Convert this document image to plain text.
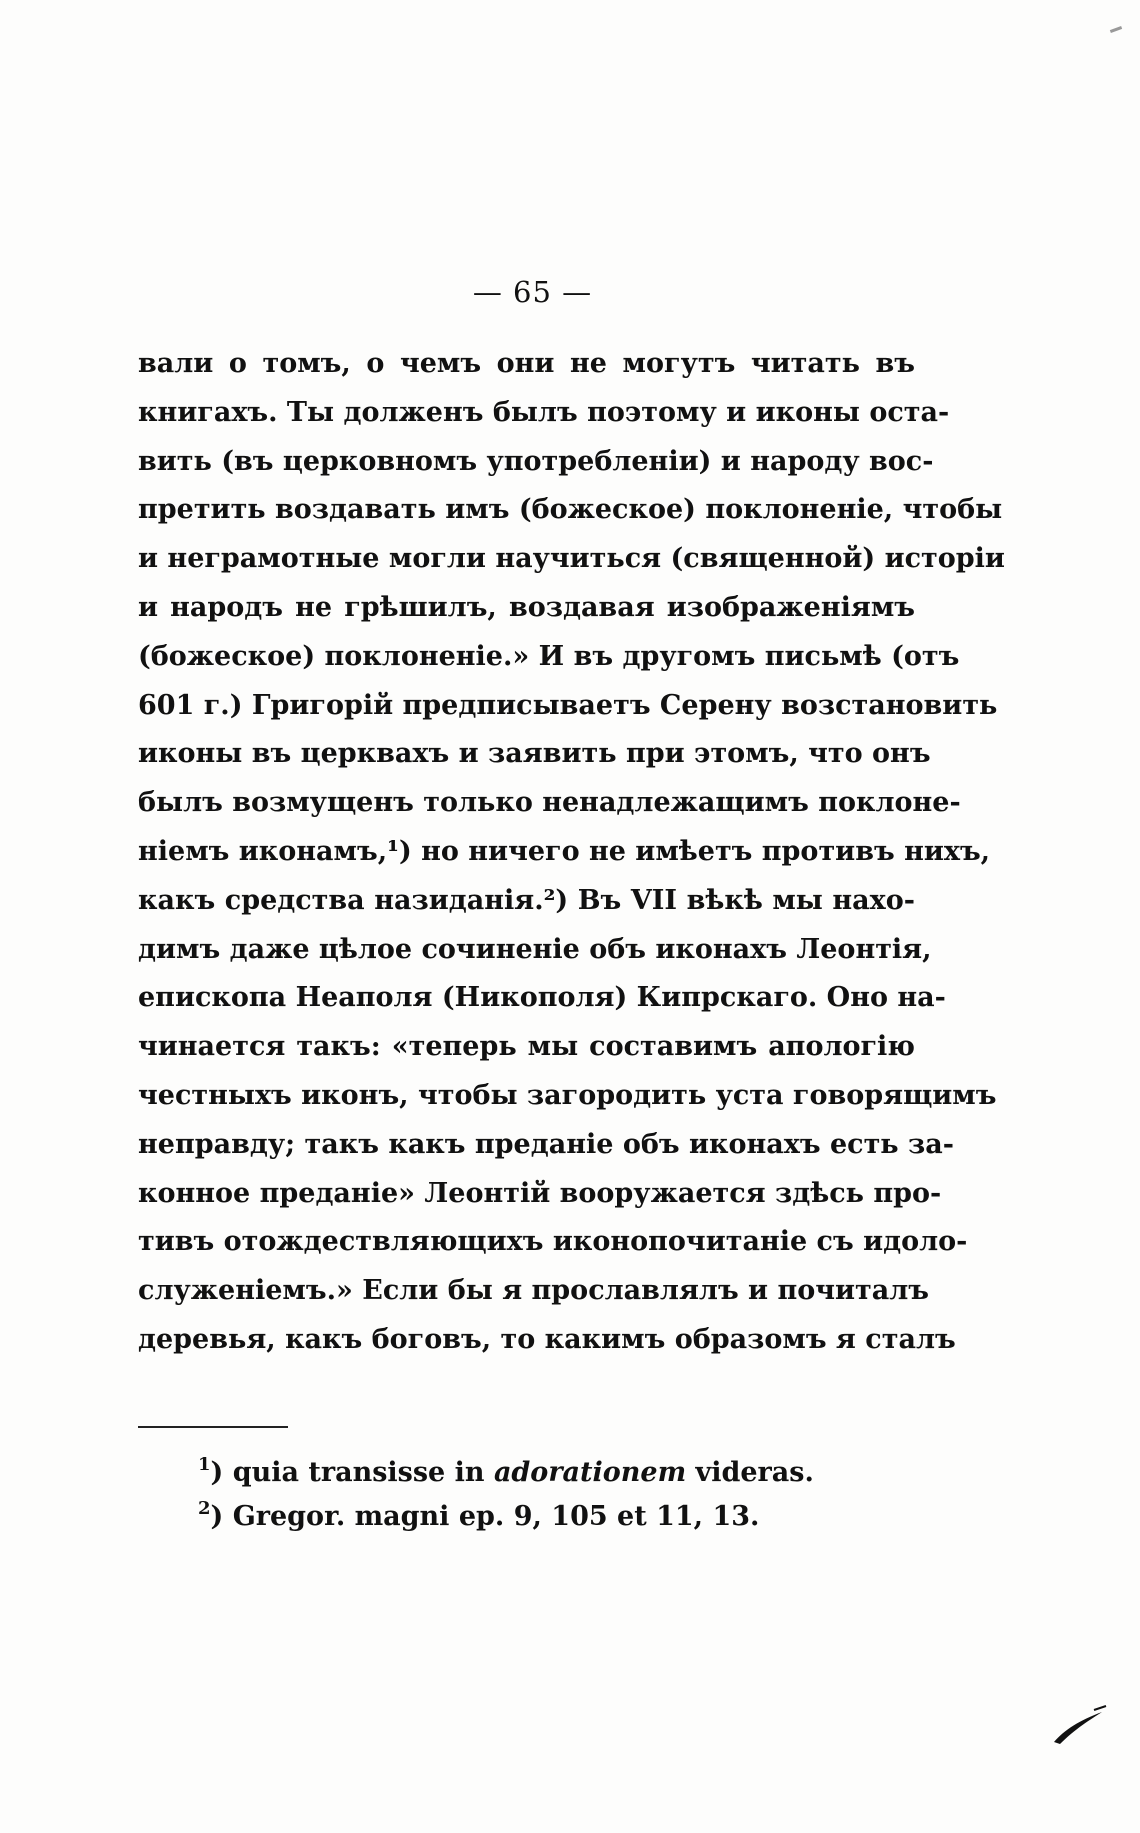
— 65 —
вали о томъ, о чемъ они не могутъ читать въ
книгахъ. Ты долженъ былъ поэтому и иконы оста-
вить (въ церковномъ употребленіи) и народу вос-
претить воздавать имъ (божеское) поклоненіе, чтобы
и неграмотные могли научиться (священной) исторіи
и народъ не грѣшилъ, воздавая изображеніямъ
(божеское) поклоненіе.» И въ другомъ письмѣ (отъ
601 г.) Григорій предписываетъ Серену возстановить
иконы въ церквахъ и заявить при этомъ, что онъ
былъ возмущенъ только ненадлежащимъ поклоне-
ніемъ иконамъ,¹) но ничего не имѣетъ противъ нихъ,
какъ средства назиданія.²) Въ VII вѣкѣ мы нахо-
димъ даже цѣлое сочиненіе объ иконахъ Леонтія,
епископа Неаполя (Никополя) Кипрскаго. Оно на-
чинается такъ: «теперь мы составимъ апологію
честныхъ иконъ, чтобы загородить уста говорящимъ
неправду; такъ какъ преданіе объ иконахъ есть за-
конное преданіе» Леонтій вооружается здѣсь про-
тивъ отождествляющихъ иконопочитаніе съ идоло-
служеніемъ.» Если бы я прославлялъ и почиталъ
деревья, какъ боговъ, то какимъ образомъ я сталъ
$^1$) quia transisse in adorationem videras.
$^2$) Gregor. magni ep. 9, 105 et 11, 13.
